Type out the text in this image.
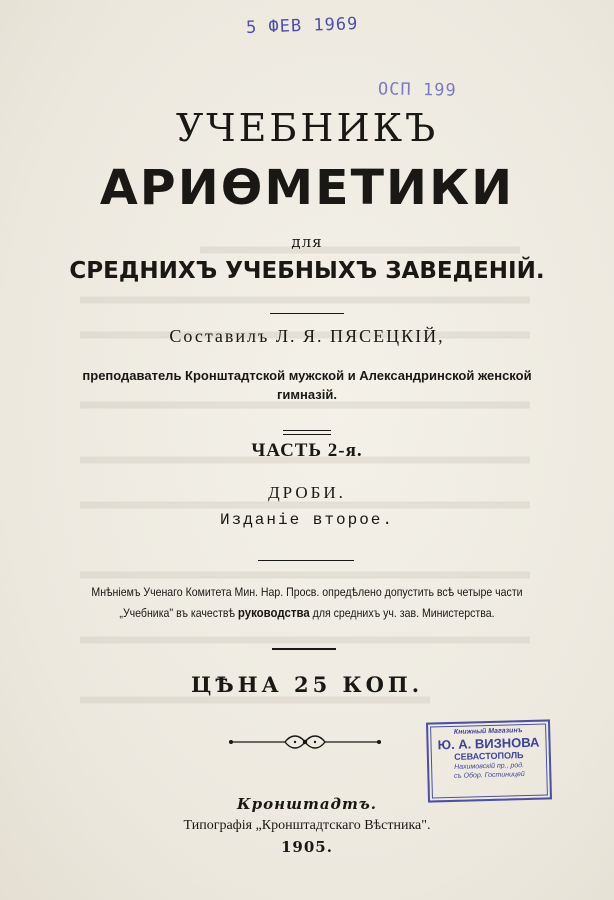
5 ФЕВ 1969
ОСП 199
УЧЕБНИКЪ
АРИӨМЕТИКИ
для
СРЕДНИХЪ УЧЕБНЫХЪ ЗАВЕДЕНІЙ.
Составилъ Л. Я. ПЯСЕЦКІЙ,
преподаватель Кронштадтской мужской и Александринской женской
гимназій.
ЧАСТЬ 2-я.
ДРОБИ.
Изданіе второе.
Мнѣніемъ Ученаго Комитета Мин. Нар. Просв. опредѣлено допустить всѣ четыре части
„Учебника" въ качествѣ руководства для среднихъ уч. зав. Министерства.
ЦѢНА 25 КОП.
Книжный Магазинъ
Ю. А. ВИЗНОВА
СЕВАСТОПОЛЬ
Нахимовскій пр., род.
съ Обор. Гостиницей
Кронштадтъ.
Типографія „Кронштадтскаго Вѣстника".
1905.
